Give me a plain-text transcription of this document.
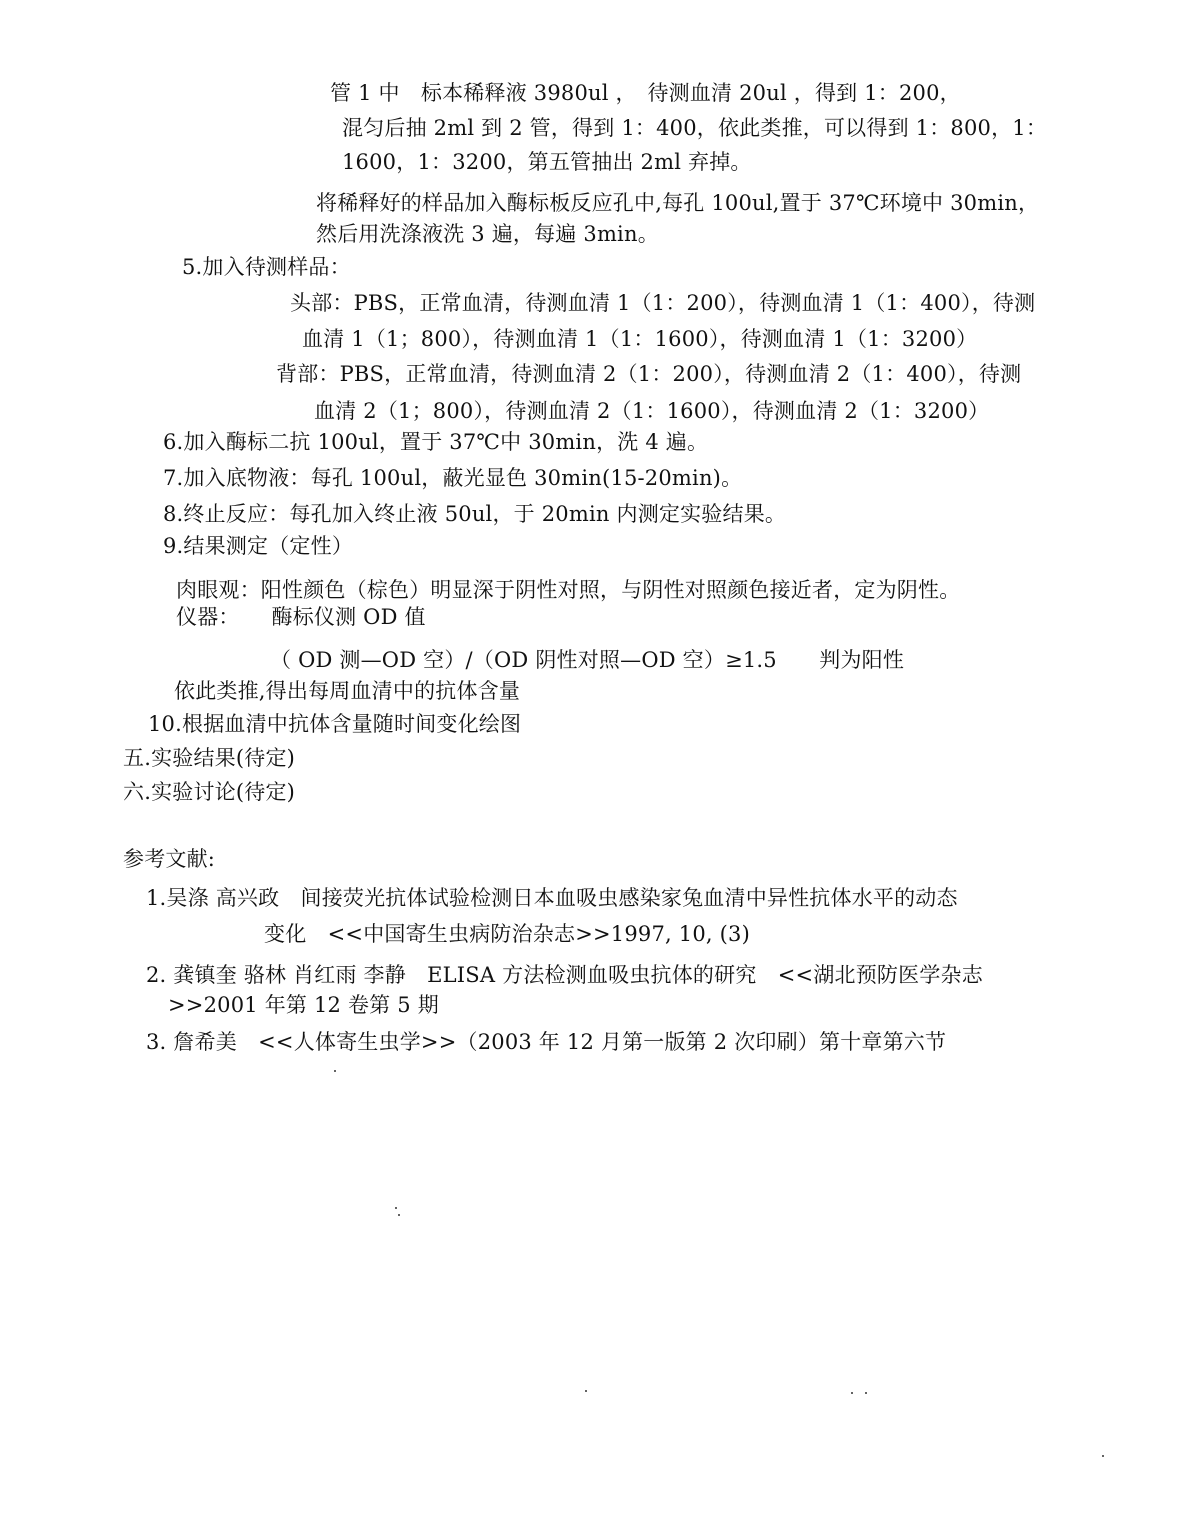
管 1 中　标本稀释液 3980ul ，　待测血清 20ul ，得到 1：200，
混匀后抽 2ml 到 2 管，得到 1：400，依此类推，可以得到 1：800，1：
1600，1：3200，第五管抽出 2ml 弃掉。
将稀释好的样品加入酶标板反应孔中,每孔 100ul,置于 37℃环境中 30min，
然后用洗涤液洗 3 遍，每遍 3min。
5.加入待测样品：
头部：PBS，正常血清，待测血清 1（1：200），待测血清 1（1：400），待测
血清 1（1；800），待测血清 1（1：1600），待测血清 1（1：3200）
背部：PBS，正常血清，待测血清 2（1：200），待测血清 2（1：400），待测
血清 2（1；800），待测血清 2（1：1600），待测血清 2（1：3200）
6.加入酶标二抗 100ul，置于 37℃中 30min，洗 4 遍。
7.加入底物液：每孔 100ul，蔽光显色 30min(15-20min)。
8.终止反应：每孔加入终止液 50ul，于 20min 内测定实验结果。
9.结果测定（定性）
肉眼观：阳性颜色（棕色）明显深于阴性对照，与阴性对照颜色接近者，定为阴性。
仪器：　　酶标仪测 OD 值
（ OD 测—OD 空）/（OD 阴性对照—OD 空）≥1.5　　判为阳性
依此类推,得出每周血清中的抗体含量
10.根据血清中抗体含量随时间变化绘图
五.实验结果(待定)
六.实验讨论(待定)
参考文献:
1.吴涤 高兴政　间接荧光抗体试验检测日本血吸虫感染家兔血清中异性抗体水平的动态
变化　<<中国寄生虫病防治杂志>>1997, 10, (3)
2. 龚镇奎 骆林 肖红雨 李静　ELISA 方法检测血吸虫抗体的研究　<<湖北预防医学杂志
>>2001 年第 12 卷第 5 期
3. 詹希美　<<人体寄生虫学>>（2003 年 12 月第一版第 2 次印刷）第十章第六节
